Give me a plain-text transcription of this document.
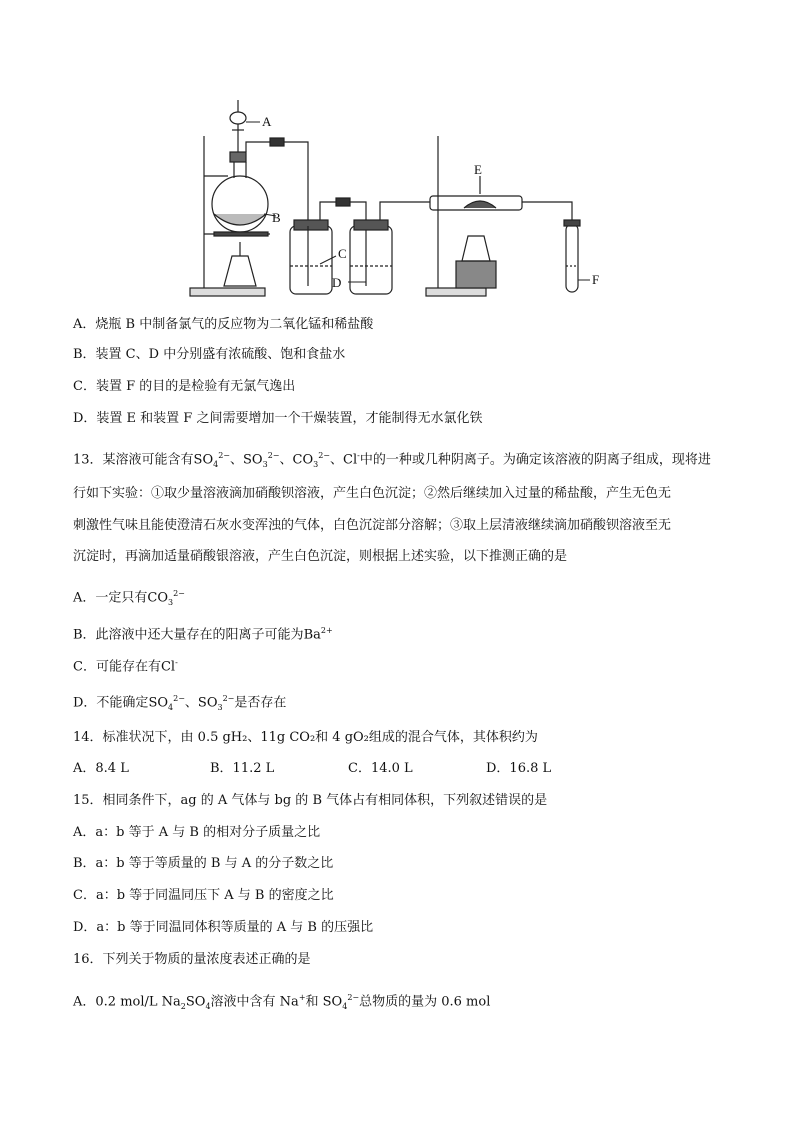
A
B
C
D
E
F
A．烧瓶 B 中制备氯气的反应物为二氧化锰和稀盐酸
B．装置 C、D 中分别盛有浓硫酸、饱和食盐水
C．装置 F 的目的是检验有无氯气逸出
D．装置 E 和装置 F 之间需要增加一个干燥装置，才能制得无水氯化铁
13．某溶液可能含有$SO_4^{2-}$、$SO_3^{2-}$、$CO_3^{2-}$、Cl-中的一种或几种阴离子。为确定该溶液的阴离子组成，现将进
行如下实验：①取少量溶液滴加硝酸钡溶液，产生白色沉淀；②然后继续加入过量的稀盐酸，产生无色无
刺激性气味且能使澄清石灰水变浑浊的气体，白色沉淀部分溶解；③取上层清液继续滴加硝酸钡溶液至无
沉淀时，再滴加适量硝酸银溶液，产生白色沉淀，则根据上述实验，以下推测正确的是
A．一定只有$CO_3^{2-}$
B．此溶液中还大量存在的阳离子可能为$Ba^{2+}$
C．可能存在有Cl-
D．不能确定$SO_4^{2-}$、$SO_3^{2-}$是否存在
14．标准状况下，由 0.5 gH₂、11g CO₂和 4 gO₂组成的混合气体，其体积约为
A．8.4 L	B．11.2 L	C．14.0 L	D．16.8 L
15．相同条件下，ag 的 A 气体与 bg 的 B 气体占有相同体积，下列叙述错误的是
A．a：b 等于 A 与 B 的相对分子质量之比
B．a：b 等于等质量的 B 与 A 的分子数之比
C．a：b 等于同温同压下 A 与 B 的密度之比
D．a：b 等于同温同体积等质量的 A 与 B 的压强比
16．下列关于物质的量浓度表述正确的是
A．0.2 mol/L $Na_2SO_4$溶液中含有 Na+和 $SO_4^{2-}$总物质的量为 0.6 mol
